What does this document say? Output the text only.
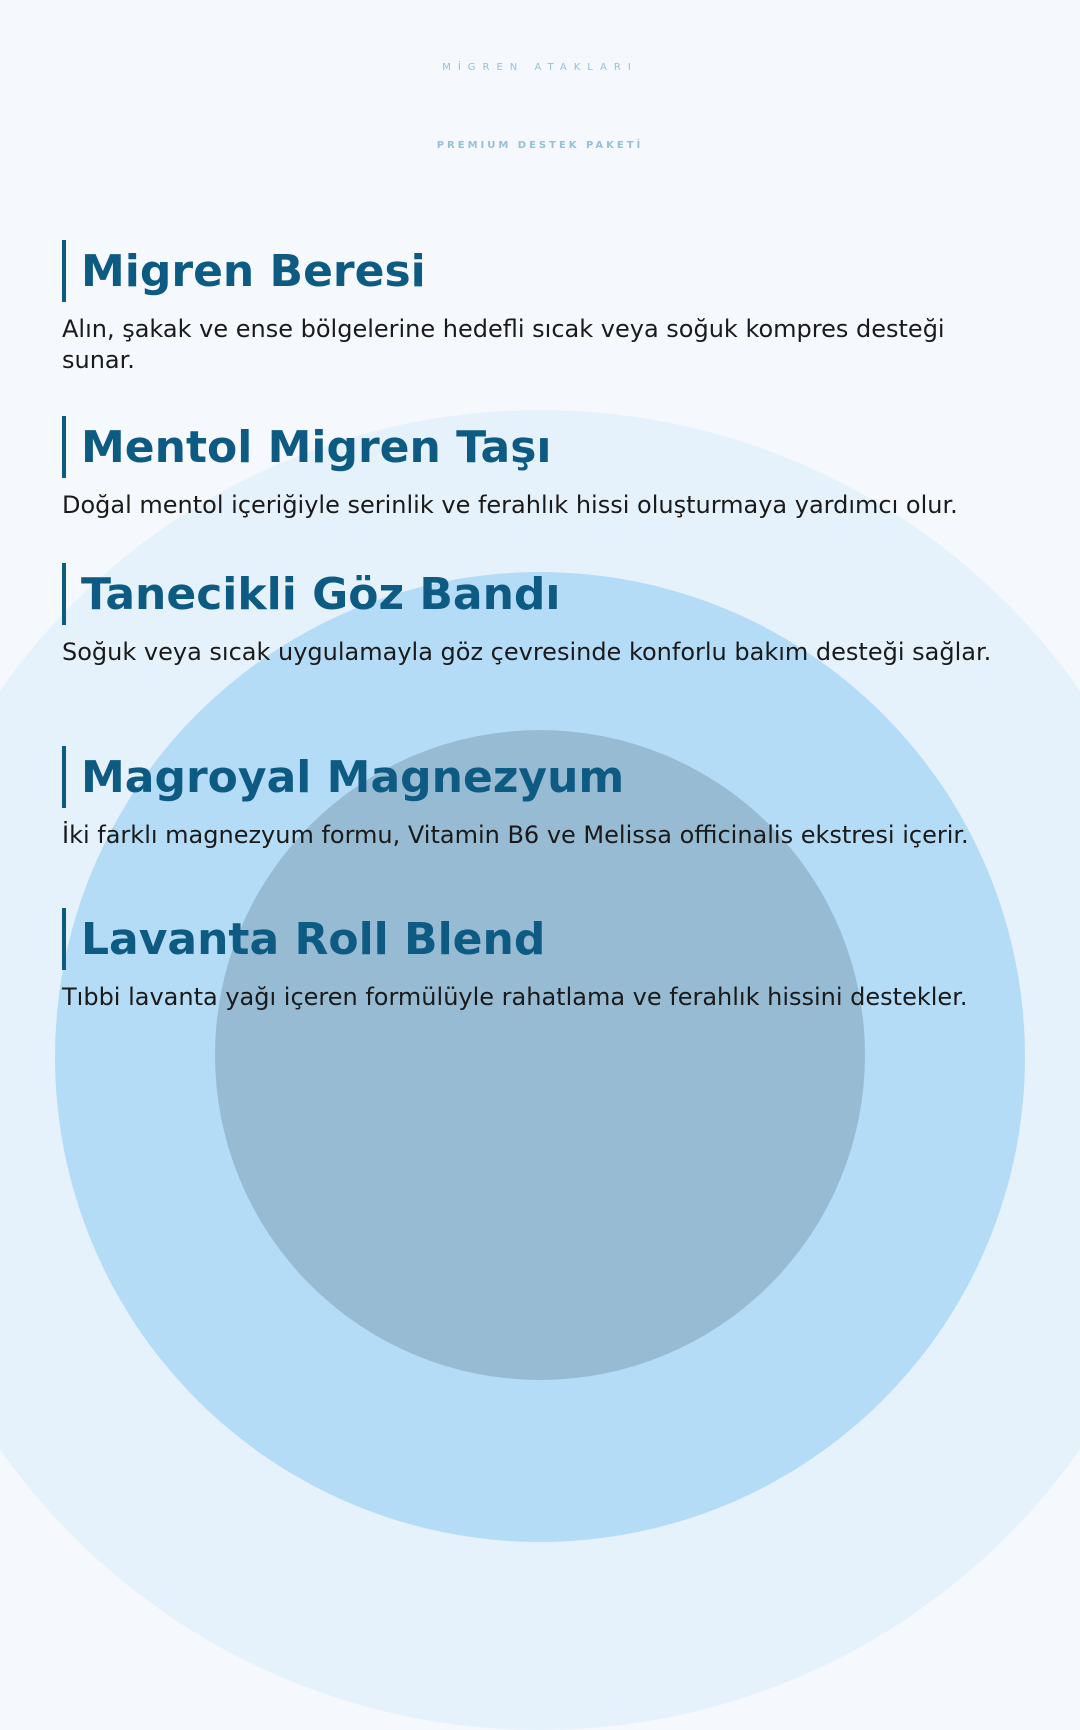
MİGREN ATAKLARI
PREMIUM DESTEK PAKETİ
Migren Beresi
Alın, şakak ve ense bölgelerine hedefli sıcak veya soğuk kompres desteği sunar.
Mentol Migren Taşı
Doğal mentol içeriğiyle serinlik ve ferahlık hissi oluşturmaya yardımcı olur.
Tanecikli Göz Bandı
Soğuk veya sıcak uygulamayla göz çevresinde konforlu bakım desteği sağlar.
Magroyal Magnezyum
İki farklı magnezyum formu, Vitamin B6 ve Melissa officinalis ekstresi içerir.
Lavanta Roll Blend
Tıbbi lavanta yağı içeren formülüyle rahatlama ve ferahlık hissini destekler.
